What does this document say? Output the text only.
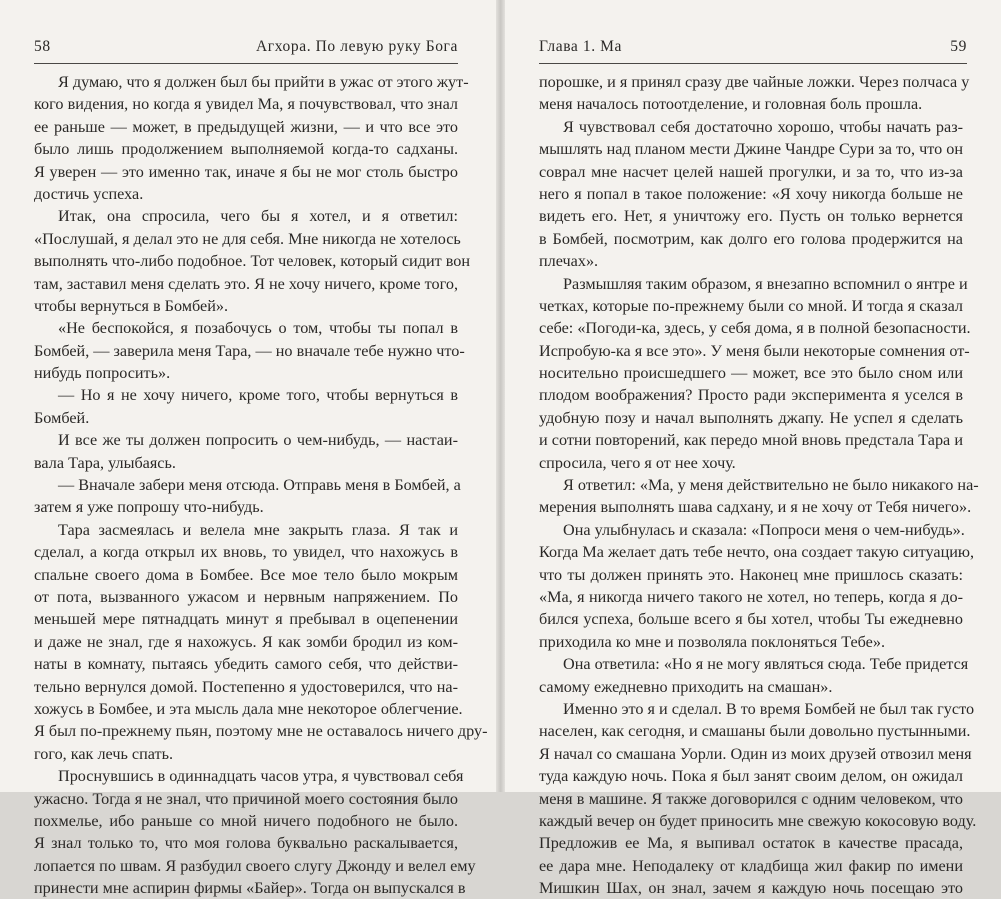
58	Агхора. По левую руку Бога
Я думаю, что я должен был бы прийти в ужас от этого жут-
кого видения, но когда я увидел Ма, я почувствовал, что знал
ее раньше — может, в предыдущей жизни, — и что все это
было лишь продолжением выполняемой когда-то садханы.
Я уверен — это именно так, иначе я бы не мог столь быстро
достичь успеха.
Итак, она спросила, чего бы я хотел, и я ответил:
«Послушай, я делал это не для себя. Мне никогда не хотелось
выполнять что-либо подобное. Тот человек, который сидит вон
там, заставил меня сделать это. Я не хочу ничего, кроме того,
чтобы вернуться в Бомбей».
«Не беспокойся, я позабочусь о том, чтобы ты попал в
Бомбей, — заверила меня Тара, — но вначале тебе нужно что-
нибудь попросить».
— Но я не хочу ничего, кроме того, чтобы вернуться в
Бомбей.
И все же ты должен попросить о чем-нибудь, — настаи-
вала Тара, улыбаясь.
— Вначале забери меня отсюда. Отправь меня в Бомбей, а
затем я уже попрошу что-нибудь.
Тара засмеялась и велела мне закрыть глаза. Я так и
сделал, а когда открыл их вновь, то увидел, что нахожусь в
спальне своего дома в Бомбее. Все мое тело было мокрым
от пота, вызванного ужасом и нервным напряжением. По
меньшей мере пятнадцать минут я пребывал в оцепенении
и даже не знал, где я нахожусь. Я как зомби бродил из ком-
наты в комнату, пытаясь убедить самого себя, что действи-
тельно вернулся домой. Постепенно я удостоверился, что на-
хожусь в Бомбее, и эта мысль дала мне некоторое облегчение.
Я был по-прежнему пьян, поэтому мне не оставалось ничего дру-
гого, как лечь спать.
Проснувшись в одиннадцать часов утра, я чувствовал себя
ужасно. Тогда я не знал, что причиной моего состояния было
похмелье, ибо раньше со мной ничего подобного не было.
Я знал только то, что моя голова буквально раскалывается,
лопается по швам. Я разбудил своего слугу Джонду и велел ему
принести мне аспирин фирмы «Байер». Тогда он выпускался в
Глава 1. Ма	59
порошке, и я принял сразу две чайные ложки. Через полчаса у
меня началось потоотделение, и головная боль прошла.
Я чувствовал себя достаточно хорошо, чтобы начать раз-
мышлять над планом мести Джине Чандре Сури за то, что он
соврал мне насчет целей нашей прогулки, и за то, что из-за
него я попал в такое положение: «Я хочу никогда больше не
видеть его. Нет, я уничтожу его. Пусть он только вернется
в Бомбей, посмотрим, как долго его голова продержится на
плечах».
Размышляя таким образом, я внезапно вспомнил о янтре и
четках, которые по-прежнему были со мной. И тогда я сказал
себе: «Погоди-ка, здесь, у себя дома, я в полной безопасности.
Испробую-ка я все это». У меня были некоторые сомнения от-
носительно происшедшего — может, все это было сном или
плодом воображения? Просто ради эксперимента я уселся в
удобную позу и начал выполнять джапу. Не успел я сделать
и сотни повторений, как передо мной вновь предстала Тара и
спросила, чего я от нее хочу.
Я ответил: «Ма, у меня действительно не было никакого на-
мерения выполнять шава садхану, и я не хочу от Тебя ничего».
Она улыбнулась и сказала: «Попроси меня о чем-нибудь».
Когда Ма желает дать тебе нечто, она создает такую ситуацию,
что ты должен принять это. Наконец мне пришлось сказать:
«Ма, я никогда ничего такого не хотел, но теперь, когда я до-
бился успеха, больше всего я бы хотел, чтобы Ты ежедневно
приходила ко мне и позволяла поклоняться Тебе».
Она ответила: «Но я не могу являться сюда. Тебе придется
самому ежедневно приходить на смашан».
Именно это я и сделал. В то время Бомбей не был так густо
населен, как сегодня, и смашаны были довольно пустынными.
Я начал со смашана Уорли. Один из моих друзей отвозил меня
туда каждую ночь. Пока я был занят своим делом, он ожидал
меня в машине. Я также договорился с одним человеком, что
каждый вечер он будет приносить мне свежую кокосовую воду.
Предложив ее Ма, я выпивал остаток в качестве прасада,
ее дара мне. Неподалеку от кладбища жил факир по имени
Мишкин Шах, он знал, зачем я каждую ночь посещаю это
